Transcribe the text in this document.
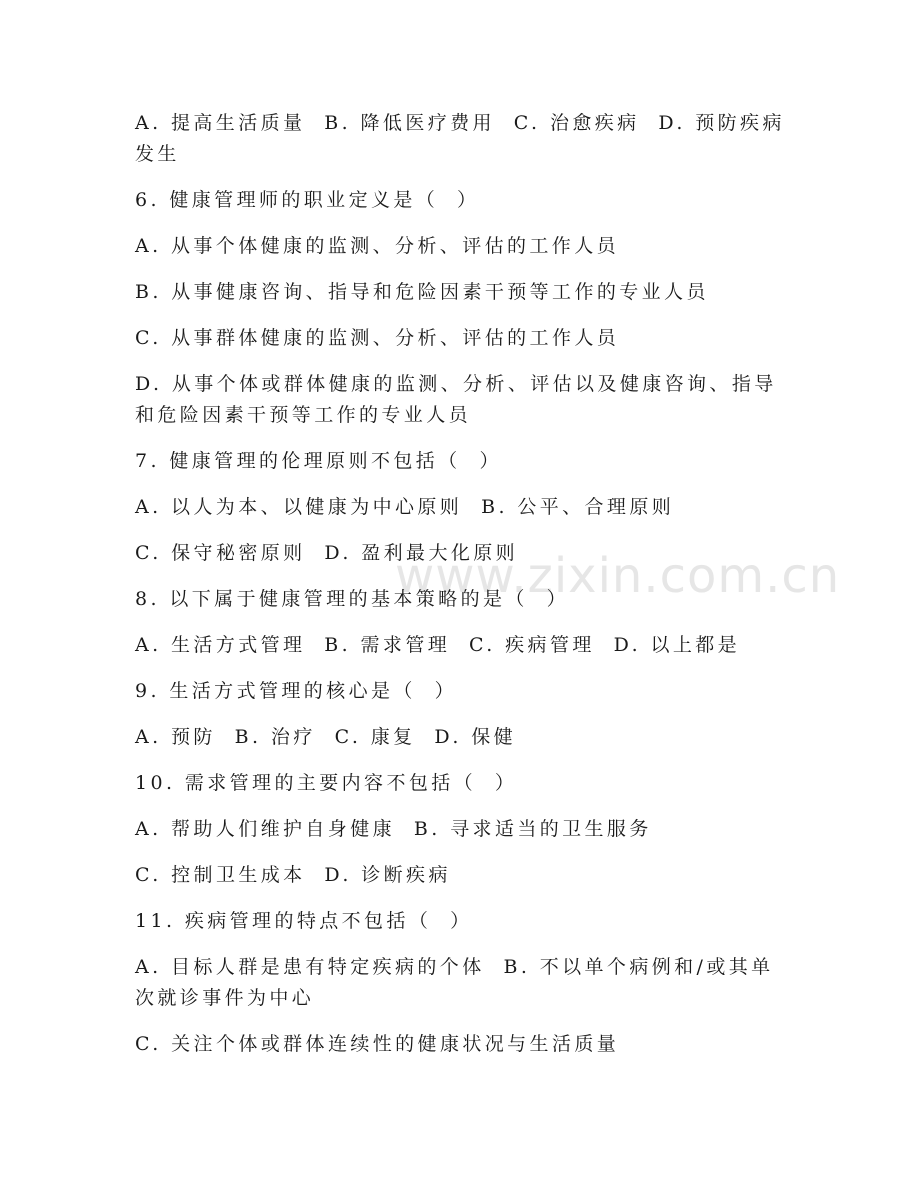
www.zixin.com.cn

A. 提高生活质量  B. 降低医疗费用  C. 治愈疾病  D. 预防疾病发生

6. 健康管理师的职业定义是（  ）

A. 从事个体健康的监测、分析、评估的工作人员

B. 从事健康咨询、指导和危险因素干预等工作的专业人员

C. 从事群体健康的监测、分析、评估的工作人员

D. 从事个体或群体健康的监测、分析、评估以及健康咨询、指导和危险因素干预等工作的专业人员

7. 健康管理的伦理原则不包括（  ）

A. 以人为本、以健康为中心原则  B. 公平、合理原则

C. 保守秘密原则  D. 盈利最大化原则

8. 以下属于健康管理的基本策略的是（  ）

A. 生活方式管理  B. 需求管理  C. 疾病管理  D. 以上都是

9. 生活方式管理的核心是（  ）

A. 预防  B. 治疗  C. 康复  D. 保健

10. 需求管理的主要内容不包括（  ）

A. 帮助人们维护自身健康  B. 寻求适当的卫生服务

C. 控制卫生成本  D. 诊断疾病

11. 疾病管理的特点不包括（  ）

A. 目标人群是患有特定疾病的个体  B. 不以单个病例和/或其单次就诊事件为中心

C. 关注个体或群体连续性的健康状况与生活质量
